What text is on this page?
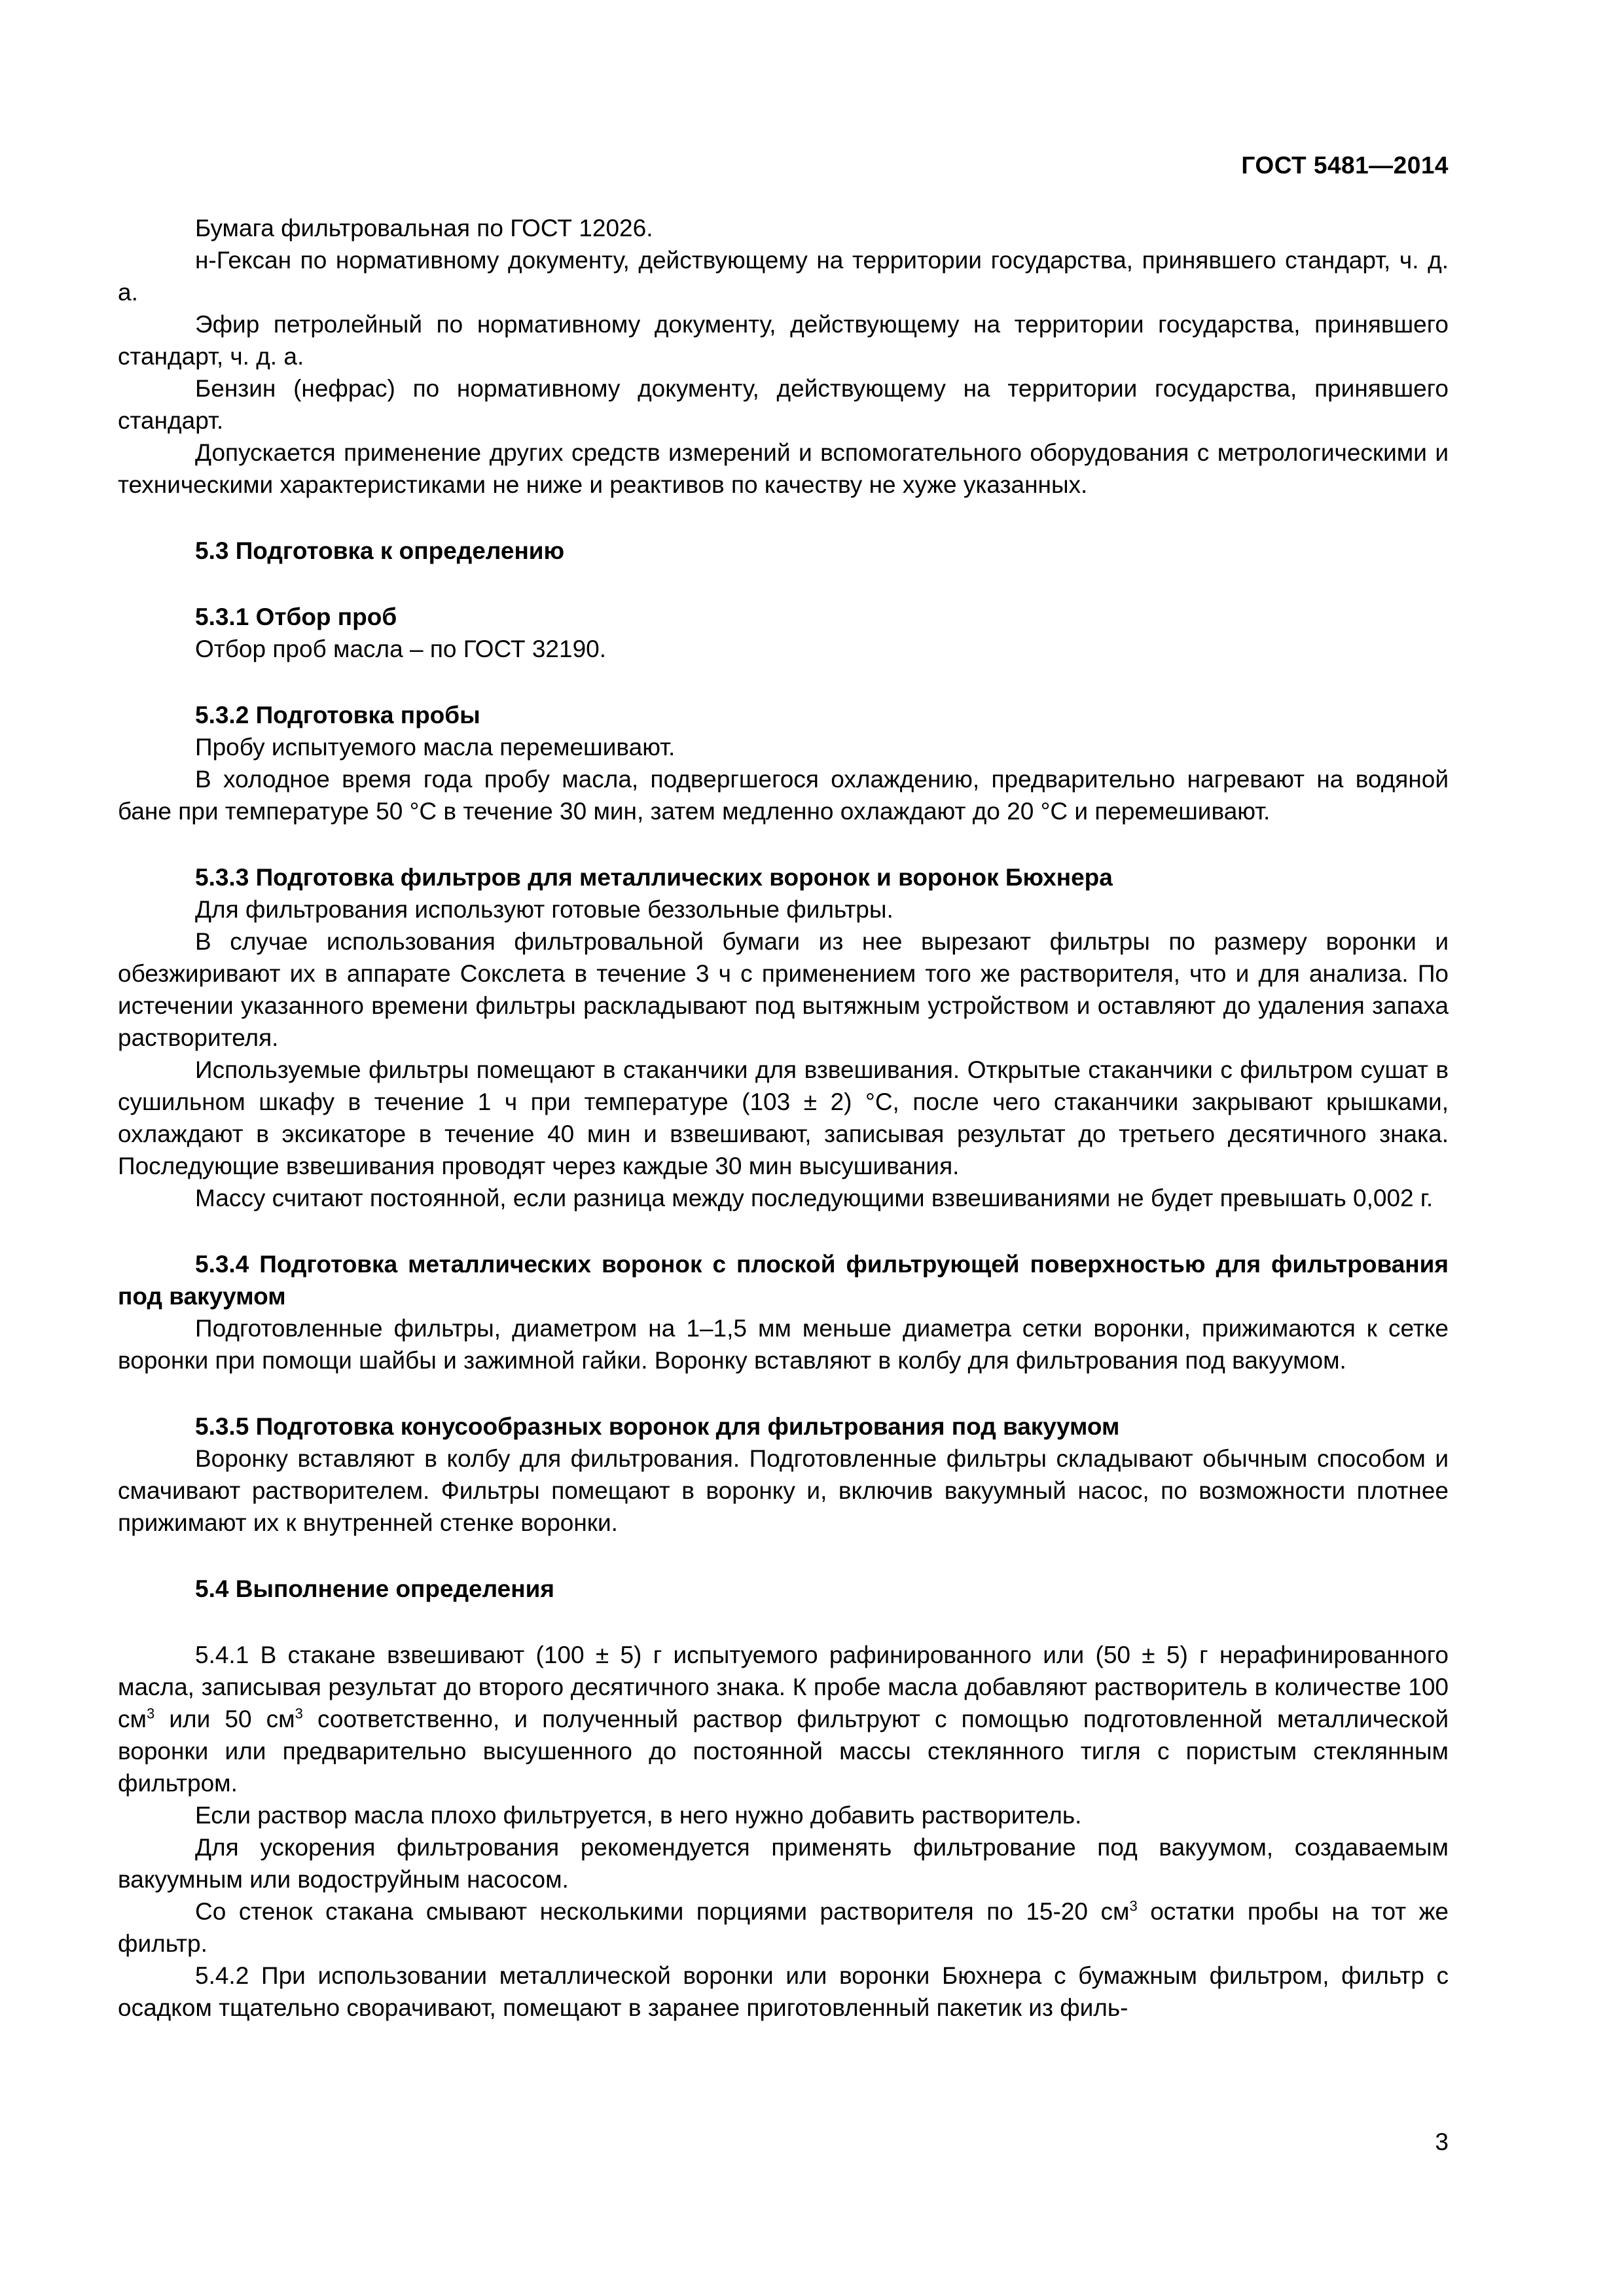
ГОСТ 5481—2014

Бумага фильтровальная по ГОСТ 12026.

н-Гексан по нормативному документу, действующему на территории государства, принявшего стандарт, ч. д. а.

Эфир петролейный по нормативному документу, действующему на территории государства, принявшего стандарт, ч. д. а.

Бензин (нефрас) по нормативному документу, действующему на территории государства, принявшего стандарт.

Допускается применение других средств измерений и вспомогательного оборудования с метрологическими и техническими характеристиками не ниже и реактивов по качеству не хуже указанных.

5.3 Подготовка к определению

5.3.1 Отбор проб

Отбор проб масла – по ГОСТ 32190.

5.3.2 Подготовка пробы

Пробу испытуемого масла перемешивают.

В холодное время года пробу масла, подвергшегося охлаждению, предварительно нагревают на водяной бане при температуре 50 °С в течение 30 мин, затем медленно охлаждают до 20 °С и перемешивают.

5.3.3 Подготовка фильтров для металлических воронок и воронок Бюхнера

Для фильтрования используют готовые беззольные фильтры.

В случае использования фильтровальной бумаги из нее вырезают фильтры по размеру воронки и обезжиривают их в аппарате Сокслета в течение 3 ч с применением того же растворителя, что и для анализа. По истечении указанного времени фильтры раскладывают под вытяжным устройством и оставляют до удаления запаха растворителя.

Используемые фильтры помещают в стаканчики для взвешивания. Открытые стаканчики с фильтром сушат в сушильном шкафу в течение 1 ч при температуре (103 ± 2) °С, после чего стаканчики закрывают крышками, охлаждают в эксикаторе в течение 40 мин и взвешивают, записывая результат до третьего десятичного знака. Последующие взвешивания проводят через каждые 30 мин высушивания.

Массу считают постоянной, если разница между последующими взвешиваниями не будет превышать 0,002 г.

5.3.4 Подготовка металлических воронок с плоской фильтрующей поверхностью для фильтрования под вакуумом

Подготовленные фильтры, диаметром на 1–1,5 мм меньше диаметра сетки воронки, прижимаются к сетке воронки при помощи шайбы и зажимной гайки. Воронку вставляют в колбу для фильтрования под вакуумом.

5.3.5 Подготовка конусообразных воронок для фильтрования под вакуумом

Воронку вставляют в колбу для фильтрования. Подготовленные фильтры складывают обычным способом и смачивают растворителем. Фильтры помещают в воронку и, включив вакуумный насос, по возможности плотнее прижимают их к внутренней стенке воронки.

5.4 Выполнение определения

5.4.1 В стакане взвешивают (100 ± 5) г испытуемого рафинированного или (50 ± 5) г нерафинированного масла, записывая результат до второго десятичного знака. К пробе масла добавляют растворитель в количестве 100 $см^3$ или 50 $см^3$ соответственно, и полученный раствор фильтруют с помощью подготовленной металлической воронки или предварительно высушенного до постоянной массы стеклянного тигля с пористым стеклянным фильтром.

Если раствор масла плохо фильтруется, в него нужно добавить растворитель.

Для ускорения фильтрования рекомендуется применять фильтрование под вакуумом, создаваемым вакуумным или водоструйным насосом.

Со стенок стакана смывают несколькими порциями растворителя по 15-20 $см^3$ остатки пробы на тот же фильтр.

5.4.2 При использовании металлической воронки или воронки Бюхнера с бумажным фильтром, фильтр с осадком тщательно сворачивают, помещают в заранее приготовленный пакетик из филь-

3
